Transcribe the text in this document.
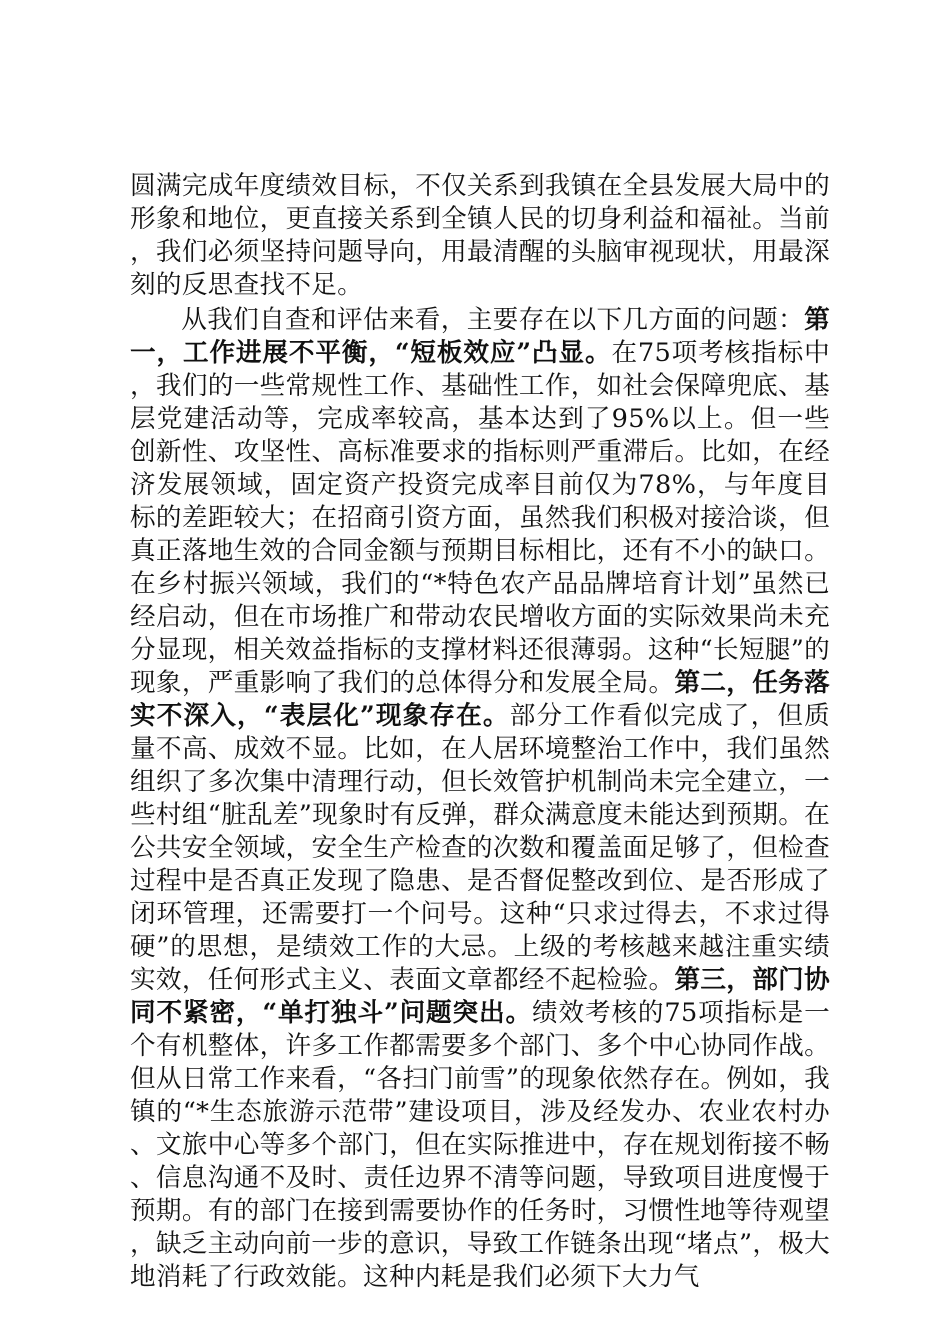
圆满完成年度绩效目标，不仅关系到我镇在全县发展大局中的形象和地位，更直接关系到全镇人民的切身利益和福祉。当前，我们必须坚持问题导向，用最清醒的头脑审视现状，用最深刻的反思查找不足。

从我们自查和评估来看，主要存在以下几方面的问题：第一，工作进展不平衡，“短板效应”凸显。在75项考核指标中，我们的一些常规性工作、基础性工作，如社会保障兜底、基层党建活动等，完成率较高，基本达到了95%以上。但一些创新性、攻坚性、高标准要求的指标则严重滞后。比如，在经济发展领域，固定资产投资完成率目前仅为78%，与年度目标的差距较大；在招商引资方面，虽然我们积极对接洽谈，但真正落地生效的合同金额与预期目标相比，还有不小的缺口。在乡村振兴领域，我们的“*特色农产品品牌培育计划”虽然已经启动，但在市场推广和带动农民增收方面的实际效果尚未充分显现，相关效益指标的支撑材料还很薄弱。这种“长短腿”的现象，严重影响了我们的总体得分和发展全局。第二，任务落实不深入，“表层化”现象存在。部分工作看似完成了，但质量不高、成效不显。比如，在人居环境整治工作中，我们虽然组织了多次集中清理行动，但长效管护机制尚未完全建立，一些村组“脏乱差”现象时有反弹，群众满意度未能达到预期。在公共安全领域，安全生产检查的次数和覆盖面足够了，但检查过程中是否真正发现了隐患、是否督促整改到位、是否形成了闭环管理，还需要打一个问号。这种“只求过得去，不求过得硬”的思想，是绩效工作的大忌。上级的考核越来越注重实绩实效，任何形式主义、表面文章都经不起检验。第三，部门协同不紧密，“单打独斗”问题突出。绩效考核的75项指标是一个有机整体，许多工作都需要多个部门、多个中心协同作战。但从日常工作来看，“各扫门前雪”的现象依然存在。例如，我镇的“*生态旅游示范带”建设项目，涉及经发办、农业农村办、文旅中心等多个部门，但在实际推进中，存在规划衔接不畅、信息沟通不及时、责任边界不清等问题，导致项目进度慢于预期。有的部门在接到需要协作的任务时，习惯性地等待观望，缺乏主动向前一步的意识，导致工作链条出现“堵点”，极大地消耗了行政效能。这种内耗是我们必须下大力气
